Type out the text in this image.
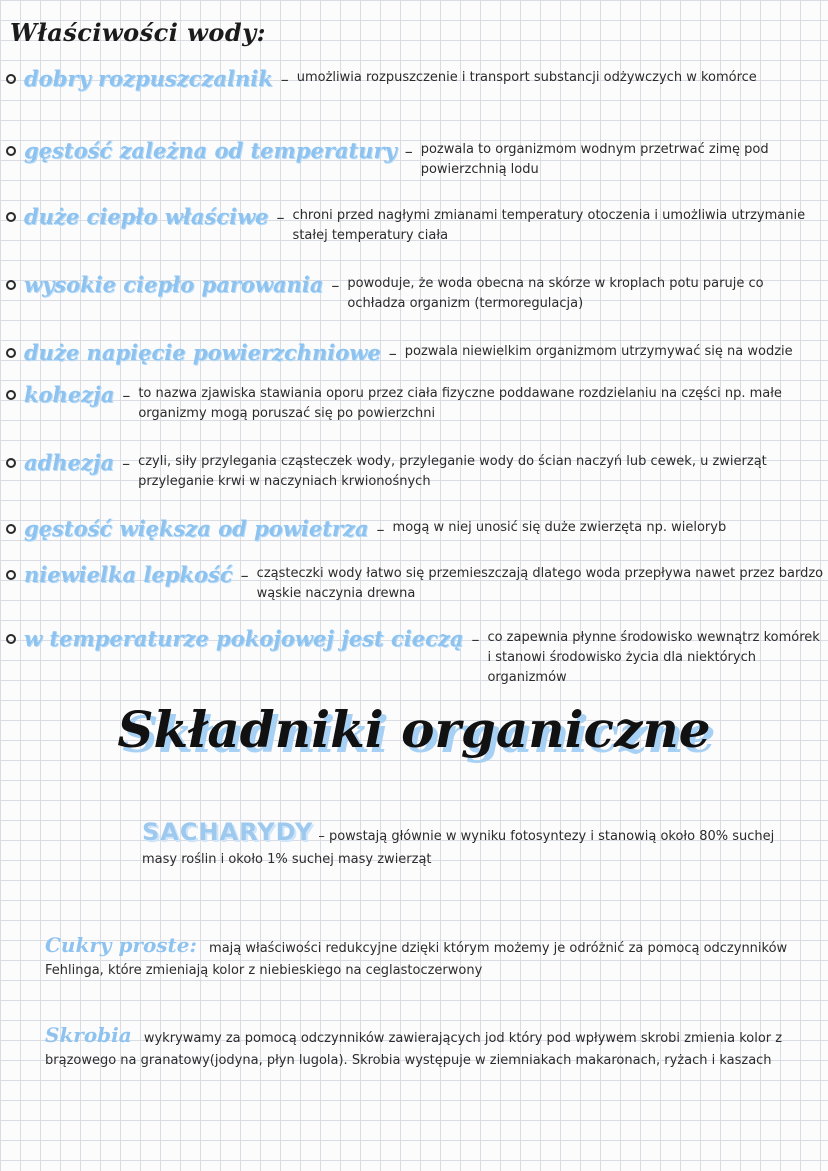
Właściwości wody:
dobry rozpuszczalnik – umożliwia rozpuszczenie i transport substancji odżywczych w komórce
gęstość zależna od temperatury – pozwala to organizmom wodnym przetrwać zimę pod powierzchnią lodu
duże ciepło właściwe – chroni przed nagłymi zmianami temperatury otoczenia i umożliwia utrzymanie stałej temperatury ciała
wysokie ciepło parowania – powoduje, że woda obecna na skórze w kroplach potu paruje co ochładza organizm (termoregulacja)
duże napięcie powierzchniowe – pozwala niewielkim organizmom utrzymywać się na wodzie
kohezja – to nazwa zjawiska stawiania oporu przez ciała fizyczne poddawane rozdzielaniu na części np. małe organizmy mogą poruszać się po powierzchni
adhezja – czyli, siły przylegania cząsteczek wody, przyleganie wody do ścian naczyń lub cewek, u zwierząt przyleganie krwi w naczyniach krwionośnych
gęstość większa od powietrza – mogą w niej unosić się duże zwierzęta np. wieloryb
niewielka lepkość – cząsteczki wody łatwo się przemieszczają dlatego woda przepływa nawet przez bardzo wąskie naczynia drewna
w temperaturze pokojowej jest cieczą – co zapewnia płynne środowisko wewnątrz komórek i stanowi środowisko życia dla niektórych organizmów
Składniki organiczne
SACHARYDY – powstają głównie w wyniku fotosyntezy i stanowią około 80% suchej masy roślin i około 1% suchej masy zwierząt
Cukry proste: mają właściwości redukcyjne dzięki którym możemy je odróżnić za pomocą odczynników Fehlinga, które zmieniają kolor z niebieskiego na ceglastoczerwony
Skrobia wykrywamy za pomocą odczynników zawierających jod który pod wpływem skrobi zmienia kolor z brązowego na granatowy(jodyna, płyn lugola). Skrobia występuje w ziemniakach makaronach, ryżach i kaszach
